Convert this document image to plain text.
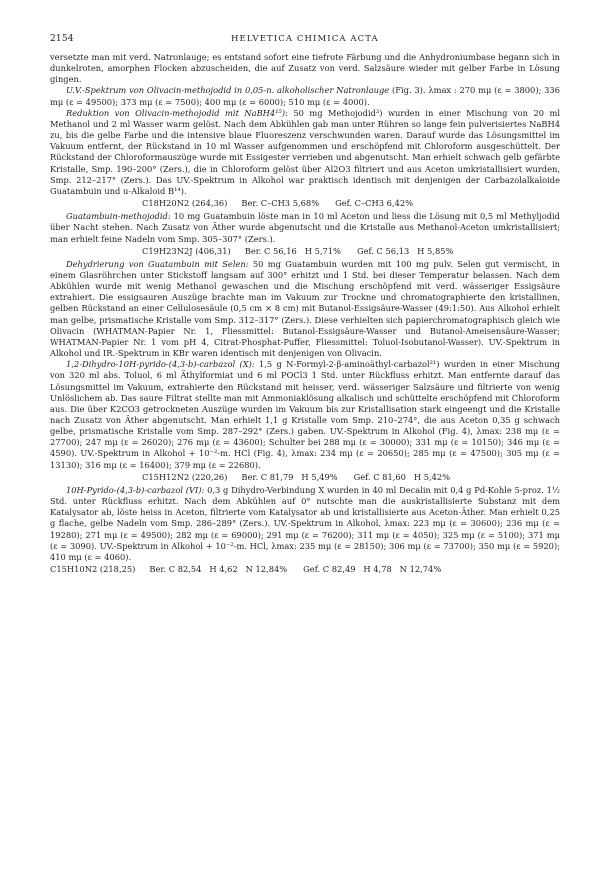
2154	HELVETICA CHIMICA ACTA

versetzte man mit verd. Natronlauge; es entstand sofort eine tiefrote Färbung und die Anhydroniumbase begann sich in dunkelroten, amorphen Flocken abzuscheiden, die auf Zusatz von verd. Salzsäure wieder mit gelber Farbe in Lösung gingen.

U.V.-Spektrum von Olivacin-methojodid in 0,05-n. alkoholischer Natronlauge (Fig. 3). λmax : 270 mμ (ε = 3800); 336 mμ (ε = 49500); 373 mμ (ε = 7500); 400 mμ (ε = 6000); 510 mμ (ε = 4000).

Reduktion von Olivacin-methojodid mit NaBH4¹⁵): 50 mg Methojodid³) wurden in einer Mischung von 20 ml Methanol und 2 ml Wasser warm gelöst. Nach dem Abkühlen gab man unter Rühren so lange fein pulverisiertes NaBH4 zu, bis die gelbe Farbe und die intensive blaue Fluoreszenz verschwunden waren. Darauf wurde das Lösungsmittel im Vakuum entfernt, der Rückstand in 10 ml Wasser aufgenommen und erschöpfend mit Chloroform ausgeschüttelt. Der Rückstand der Chloroformauszüge wurde mit Essigester verrieben und abgenutscht. Man erhielt schwach gelb gefärbte Kristalle, Smp. 190–200° (Zers.), die in Chloroform gelöst über Al2O3 filtriert und aus Aceton umkristallisiert wurden, Smp. 212–217° (Zers.). Das UV.-Spektrum in Alkohol war praktisch identisch mit denjenigen der Carbazolalkaloide Guatambuin und u-Alkaloid B¹⁴).

C18H20N2 (264,36) Ber. C–CH3 5,68% Gef. C–CH3 6,42%

Guatambuin-methojodid: 10 mg Guatambuin löste man in 10 ml Aceton und liess die Lösung mit 0,5 ml Methyljodid über Nacht stehen. Nach Zusatz von Äther wurde abgenutscht und die Kristalle aus Methanol-Aceton umkristallisiert; man erhielt feine Nadeln vom Smp. 305–307° (Zers.).

C19H23N2J (406,31) Ber. C 56,16   H 5,71% Gef. C 56,13   H 5,85%

Dehydrierung von Guatambuin mit Selen: 50 mg Guatambuin wurden mit 100 mg pulv. Selen gut vermischt, in einem Glasröhrchen unter Stickstoff langsam auf 300° erhitzt und 1 Std. bei dieser Temperatur belassen. Nach dem Abkühlen wurde mit wenig Methanol gewaschen und die Mischung erschöpfend mit verd. wässeriger Essigsäure extrahiert. Die essigsauren Auszüge brachte man im Vakuum zur Trockne und chromatographierte den kristallinen, gelben Rückstand an einer Cellulosesäule (0,5 cm × 8 cm) mit Butanol-Essigsäure-Wasser (49:1:50). Aus Alkohol erhielt man gelbe, prismatische Kristalle vom Smp. 312–317° (Zers.). Diese verhielten sich papierchromatographisch gleich wie Olivacin (WHATMAN-Papier Nr. 1, Fliessmittel: Butanol-Essigsäure-Wasser und Butanol-Ameisensäure-Wasser; WHATMAN-Papier Nr. 1 vom pH 4, Citrat-Phosphat-Puffer, Fliessmittel: Toluol-Isobutanol-Wasser). UV.-Spektrum in Alkohol und IR.-Spektrum in KBr waren identisch mit denjenigen von Olivacin.

1,2-Dihydro-10H-pyrido-(4,3-b)-carbazol (X): 1,5 g N-Formyl-2-β-aminoäthyl-carbazol²¹) wurden in einer Mischung von 320 ml abs. Toluol, 6 ml Äthylformiat und 6 ml POCl3 1 Std. unter Rückfluss erhitzt. Man entfernte darauf das Lösungsmittel im Vakuum, extrahierte den Rückstand mit heisser, verd. wässeriger Salzsäure und filtrierte von wenig Unlöslichem ab. Das saure Filtrat stellte man mit Ammoniaklösung alkalisch und schüttelte erschöpfend mit Chloroform aus. Die über K2CO3 getrockneten Auszüge wurden im Vakuum bis zur Kristallisation stark eingeengt und die Kristalle nach Zusatz von Äther abgenutscht. Man erhielt 1,1 g Kristalle vom Smp. 210–274°, die aus Aceton 0,35 g schwach gelbe, prismatische Kristalle vom Smp. 287–292° (Zers.) gaben. UV.-Spektrum in Alkohol (Fig. 4), λmax: 238 mμ (ε = 27700); 247 mμ (ε = 26020); 276 mμ (ε = 43600); Schulter bei 288 mμ (ε = 30000); 331 mμ (ε = 10150); 346 mμ (ε = 4590). UV.-Spektrum in Alkohol + 10⁻²-m. HCl (Fig. 4), λmax: 234 mμ (ε = 20650); 285 mμ (ε = 47500); 305 mμ (ε = 13130); 316 mμ (ε = 16400); 379 mμ (ε = 22680).

C15H12N2 (220,26) Ber. C 81,79   H 5,49% Gef. C 81,60   H 5,42%

10H-Pyrido-(4,3-b)-carbazol (VI): 0,3 g Dihydro-Verbindung X wurden in 40 ml Decalin mit 0,4 g Pd-Kohle 5-proz. 1½ Std. unter Rückfluss erhitzt. Nach dem Abkühlen auf 0° nutschte man die auskristallisierte Substanz mit dem Katalysator ab, löste heiss in Aceton, filtrierte vom Katalysator ab und kristallisierte aus Aceton-Äther. Man erhielt 0,25 g flache, gelbe Nadeln vom Smp. 286–289° (Zers.). UV.-Spektrum in Alkohol, λmax: 223 mμ (ε = 30600); 236 mμ (ε = 19280); 271 mμ (ε = 49500); 282 mμ (ε = 69000); 291 mμ (ε = 76200); 311 mμ (ε = 4050); 325 mμ (ε = 5100); 371 mμ (ε = 3090). UV.-Spektrum in Alkohol + 10⁻²-m. HCl, λmax: 235 mμ (ε = 28150); 306 mμ (ε = 73700); 350 mμ (ε = 5920); 410 mμ (ε = 4060).

C15H10N2 (218,25) Ber. C 82,54   H 4,62   N 12,84% Gef. C 82,49   H 4,78   N 12,74%
